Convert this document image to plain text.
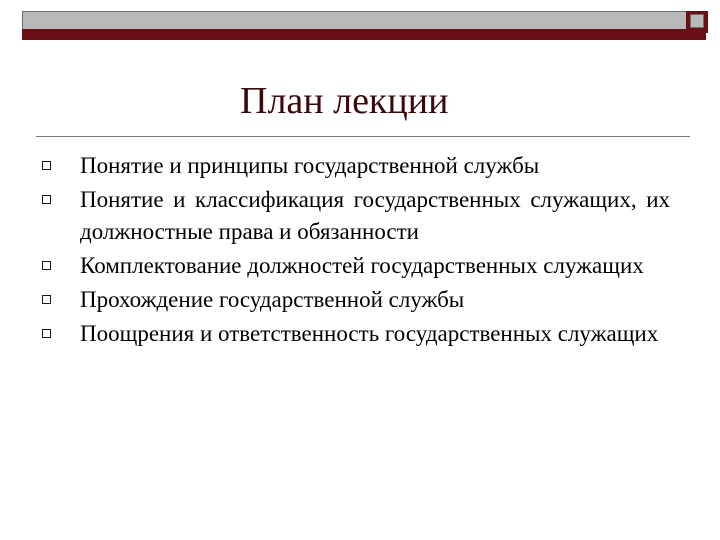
План лекции
Понятие и принципы государственной службы
Понятие и классификация государственных служащих, их должностные права и обязанности
Комплектование должностей государственных служащих
Прохождение государственной службы
Поощрения и ответственность государственных служащих
